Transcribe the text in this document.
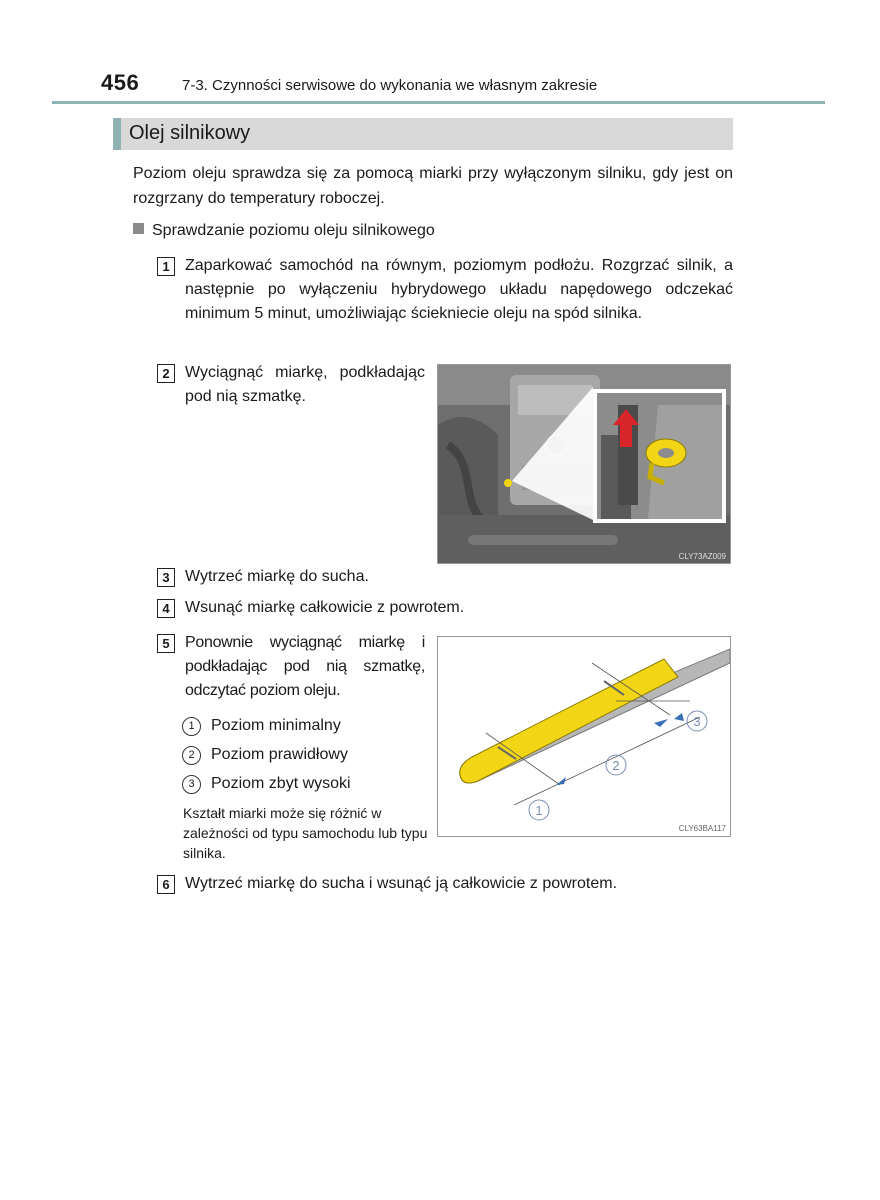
456	7-3. Czynności serwisowe do wykonania we własnym zakresie
Olej silnikowy
Poziom oleju sprawdza się za pomocą miarki przy wyłączonym silniku, gdy jest on rozgrzany do temperatury roboczej.
Sprawdzanie poziomu oleju silnikowego
1 Zaparkować samochód na równym, poziomym podłożu. Rozgrzać silnik, a następnie po wyłączeniu hybrydowego układu napędowego odczekać minimum 5 minut, umożliwiając ściekniecie oleju na spód silnika.
2 Wyciągnąć miarkę, podkładając pod nią szmatkę.
CLY73AZ009
3 Wytrzeć miarkę do sucha.
4 Wsunąć miarkę całkowicie z powrotem.
5 Ponownie wyciągnąć miarkę i podkładając pod nią szmatkę, odczytać poziom oleju.
1 Poziom minimalny
2 Poziom prawidłowy
3 Poziom zbyt wysoki
Kształt miarki może się różnić w zależności od typu samochodu lub typu silnika.
1
2
3
CLY63BA117
6 Wytrzeć miarkę do sucha i wsunąć ją całkowicie z powrotem.
